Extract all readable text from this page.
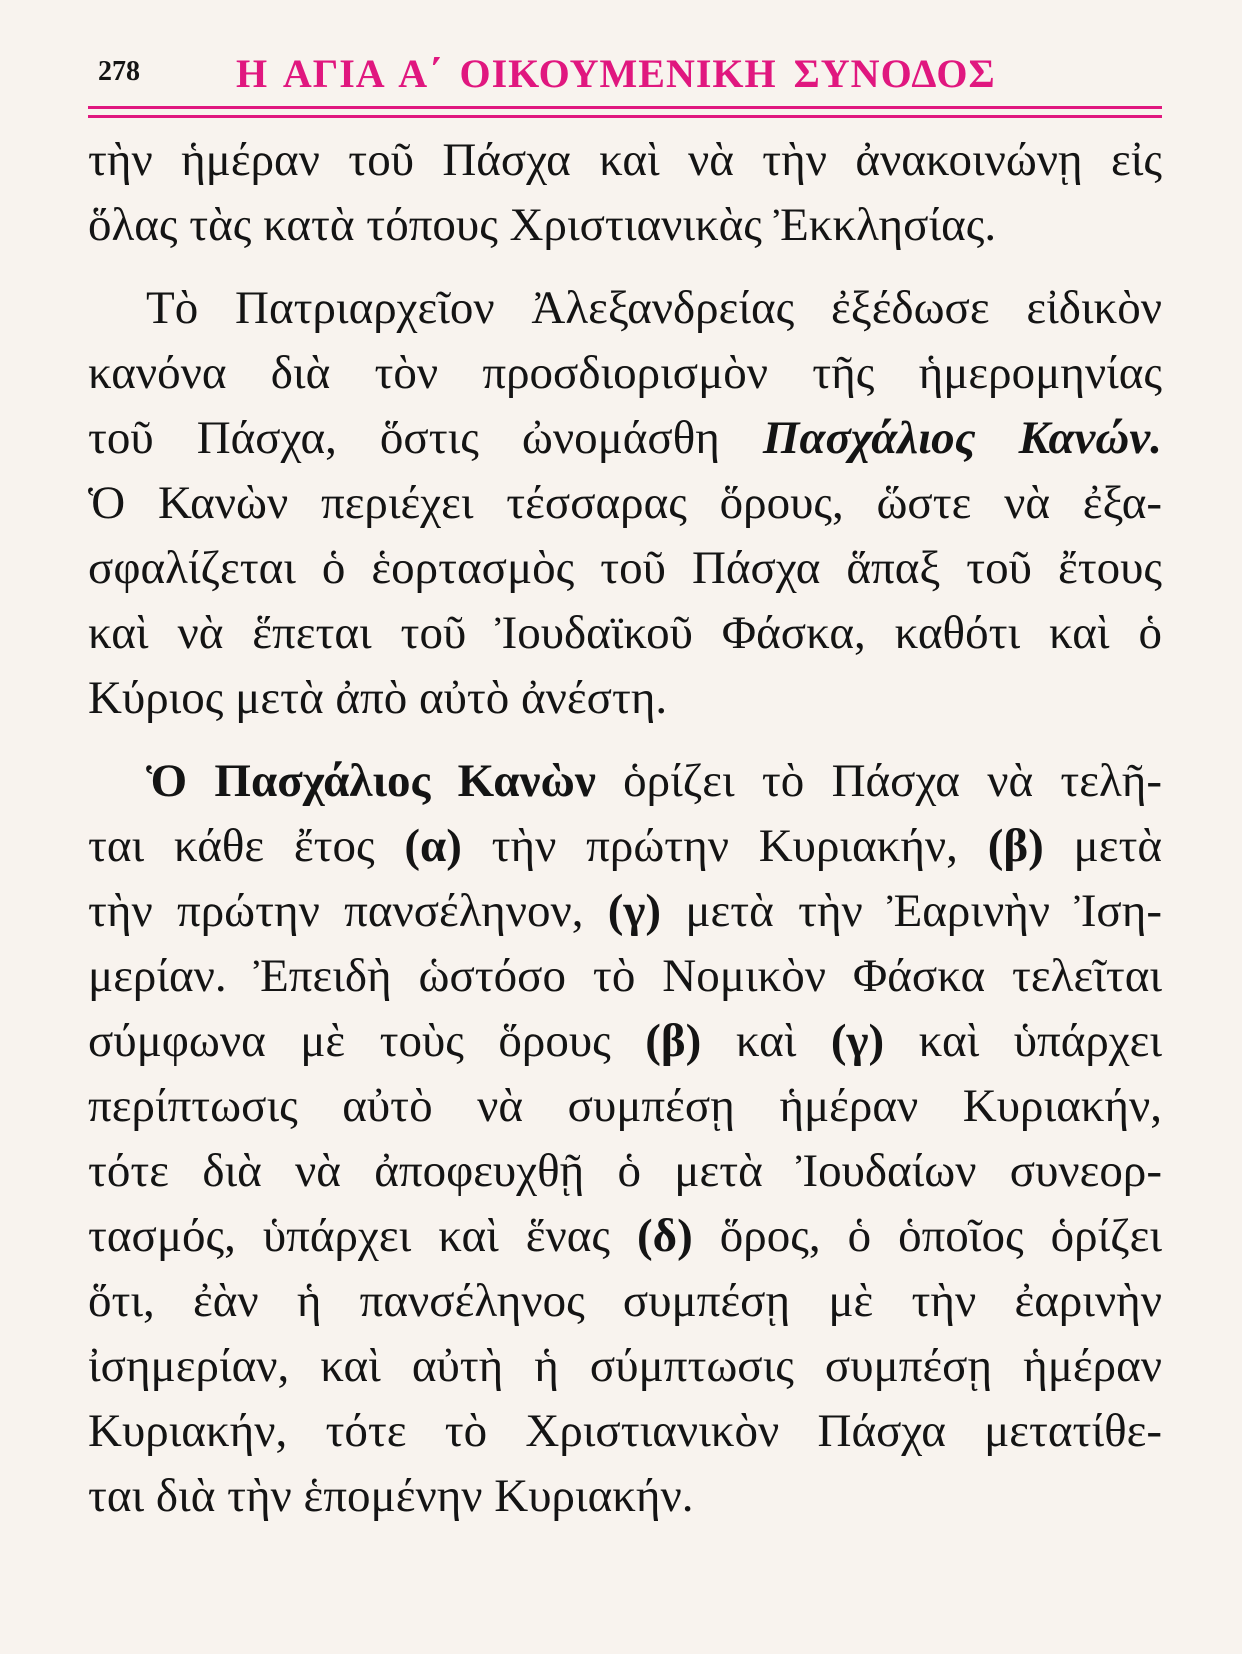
278 Η ΑΓΙΑ Α΄ ΟΙΚΟΥΜΕΝΙΚΗ ΣΥΝΟΔΟΣ
τὴν ἡμέραν τοῦ Πάσχα καὶ νὰ τὴν ἀνακοινώνῃ εἰς
ὅλας τὰς κατὰ τόπους Χριστιανικὰς Ἐκκλησίας.
Τὸ Πατριαρχεῖον Ἀλεξανδρείας ἐξέδωσε εἰδικὸν
κανόνα διὰ τὸν προσδιορισμὸν τῆς ἡμερομηνίας
τοῦ Πάσχα, ὅστις ὠνομάσθη Πασχάλιος Κανών.
Ὁ Κανὼν περιέχει τέσσαρας ὅρους, ὥστε νὰ ἐξα-
σφαλίζεται ὁ ἑορτασμὸς τοῦ Πάσχα ἅπαξ τοῦ ἔτους
καὶ νὰ ἕπεται τοῦ Ἰουδαϊκοῦ Φάσκα, καθότι καὶ ὁ
Κύριος μετὰ ἀπὸ αὐτὸ ἀνέστη.
Ὁ Πασχάλιος Κανὼν ὁρίζει τὸ Πάσχα νὰ τελῆ-
ται κάθε ἔτος (α) τὴν πρώτην Κυριακήν, (β) μετὰ
τὴν πρώτην πανσέληνον, (γ) μετὰ τὴν Ἐαρινὴν Ἰση-
μερίαν. Ἐπειδὴ ὡστόσο τὸ Νομικὸν Φάσκα τελεῖται
σύμφωνα μὲ τοὺς ὅρους (β) καὶ (γ) καὶ ὑπάρχει
περίπτωσις αὐτὸ νὰ συμπέσῃ ἡμέραν Κυριακήν,
τότε διὰ νὰ ἀποφευχθῇ ὁ μετὰ Ἰουδαίων συνεορ-
τασμός, ὑπάρχει καὶ ἕνας (δ) ὅρος, ὁ ὁποῖος ὁρίζει
ὅτι, ἐὰν ἡ πανσέληνος συμπέσῃ μὲ τὴν ἐαρινὴν
ἰσημερίαν, καὶ αὐτὴ ἡ σύμπτωσις συμπέσῃ ἡμέραν
Κυριακήν, τότε τὸ Χριστιανικὸν Πάσχα μετατίθε-
ται διὰ τὴν ἑπομένην Κυριακήν.
